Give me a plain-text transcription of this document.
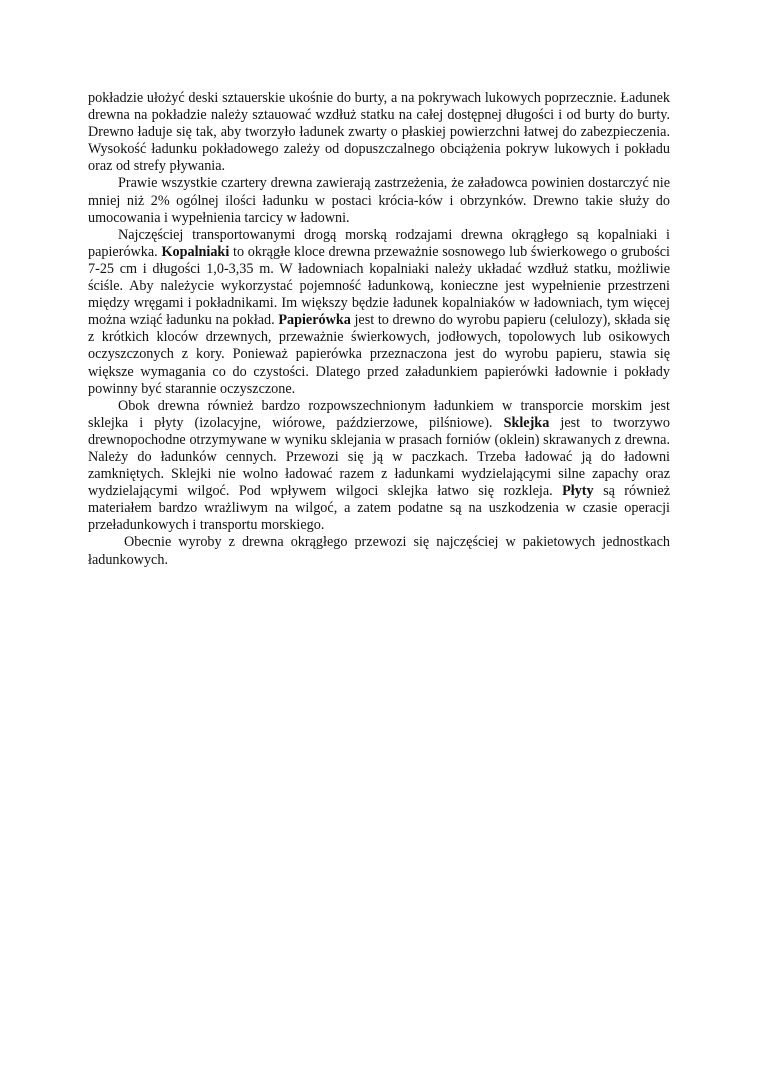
pokładzie ułożyć deski sztauerskie ukośnie do burty, a na pokrywach lukowych poprzecznie. Ładunek drewna na pokładzie należy sztauować wzdłuż statku na całej dostępnej długości i od burty do burty. Drewno ładuje się tak, aby tworzyło ładunek zwarty o płaskiej powierzchni łatwej do zabezpieczenia. Wysokość ładunku pokładowego zależy od dopuszczalnego obciążenia pokryw lukowych i pokładu oraz od strefy pływania.

Prawie wszystkie czartery drewna zawierają zastrzeżenia, że załadowca powinien dostarczyć nie mniej niż 2% ogólnej ilości ładunku w postaci krócia-ków i obrzynków. Drewno takie służy do umocowania i wypełnienia tarcicy w ładowni.

Najczęściej transportowanymi drogą morską rodzajami drewna okrągłego są kopalniaki i papierówka. Kopalniaki to okrągłe kloce drewna przeważnie sosnowego lub świerkowego o grubości 7-25 cm i długości 1,0-3,35 m. W ładowniach kopalniaki należy układać wzdłuż statku, możliwie ściśle. Aby należycie wykorzystać pojemność ładunkową, konieczne jest wypełnienie przestrzeni między wręgami i pokładnikami. Im większy będzie ładunek kopalniaków w ładowniach, tym więcej można wziąć ładunku na pokład. Papierówka jest to drewno do wyrobu papieru (celulozy), składa się z krótkich kloców drzewnych, przeważnie świerkowych, jodłowych, topolowych lub osikowych oczyszczonych z kory. Ponieważ papierówka przeznaczona jest do wyrobu papieru, stawia się większe wymagania co do czystości. Dlatego przed załadunkiem papierówki ładownie i pokłady powinny być starannie oczyszczone.

Obok drewna również bardzo rozpowszechnionym ładunkiem w transporcie morskim jest sklejka i płyty (izolacyjne, wiórowe, paździerzowe, pilśniowe). Sklejka jest to tworzywo drewnopochodne otrzymywane w wyniku sklejania w prasach forniów (oklein) skrawanych z drewna. Należy do ładunków cennych. Przewozi się ją w paczkach. Trzeba ładować ją do ładowni zamkniętych. Sklejki nie wolno ładować razem z ładunkami wydzielającymi silne zapachy oraz wydzielającymi wilgoć. Pod wpływem wilgoci sklejka łatwo się rozkleja. Płyty są również materiałem bardzo wrażliwym na wilgoć, a zatem podatne są na uszkodzenia w czasie operacji przeładunkowych i transportu morskiego.

Obecnie wyroby z drewna okrągłego przewozi się najczęściej w pakietowych jednostkach ładunkowych.
